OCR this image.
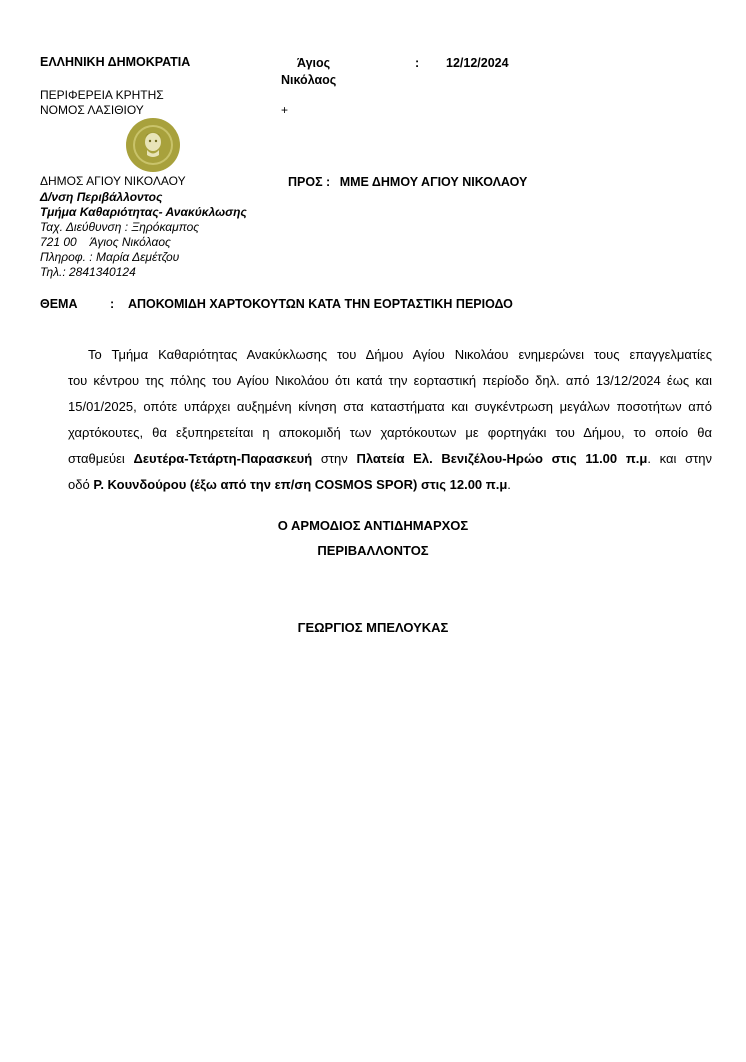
ΕΛΛΗΝΙΚΗ ΔΗΜΟΚΡΑΤΙΑ	Άγιος
Νικόλαος
: 12/12/2024
ΠΕΡΙΦΕΡΕΙΑ ΚΡΗΤΗΣ
ΝΟΜΟΣ ΛΑΣΙΘΙΟΥ	+
ΔΗΜΟΣ ΑΓΙΟΥ ΝΙΚΟΛΑΟΥ
Δ/νση Περιβάλλοντος
Τμήμα Καθαριότητας- Ανακύκλωσης
Ταχ. Διεύθυνση : Ξηρόκαμπος
721 00    Άγιος Νικόλαος
Πληροφ. : Μαρία Δεμέτζου
Τηλ.: 2841340124
ΠΡΟΣ : ΜΜΕ ΔΗΜΟΥ ΑΓΙΟΥ ΝΙΚΟΛΑΟΥ
ΘΕΜΑ	: ΑΠΟΚΟΜΙΔΗ ΧΑΡΤΟΚΟΥΤΩΝ ΚΑΤΑ ΤΗΝ ΕΟΡΤΑΣΤΙΚΗ ΠΕΡΙΟΔΟ
Το Τμήμα Καθαριότητας Ανακύκλωσης του Δήμου Αγίου Νικολάου ενημερώνει τους επαγγελματίες
του κέντρου της πόλης του Αγίου Νικολάου ότι κατά την εορταστική περίοδο δηλ. από 13/12/2024 έως και
15/01/2025, οπότε υπάρχει αυξημένη κίνηση στα καταστήματα και συγκέντρωση μεγάλων ποσοτήτων από
χαρτόκουτες, θα εξυπηρετείται η αποκομιδή των χαρτόκουτων με φορτηγάκι του Δήμου, το οποίο θα
σταθμεύει Δευτέρα-Τετάρτη-Παρασκευή στην Πλατεία Ελ. Βενιζέλου-Ηρώο στις 11.00 π.μ. και στην
οδό Ρ. Κουνδούρου (έξω από την επ/ση COSMOS SPOR) στις 12.00 π.μ.
Ο ΑΡΜΟΔΙΟΣ ΑΝΤΙΔΗΜΑΡΧΟΣ
ΠΕΡΙΒΑΛΛΟΝΤΟΣ
ΓΕΩΡΓΙΟΣ ΜΠΕΛΟΥΚΑΣ
